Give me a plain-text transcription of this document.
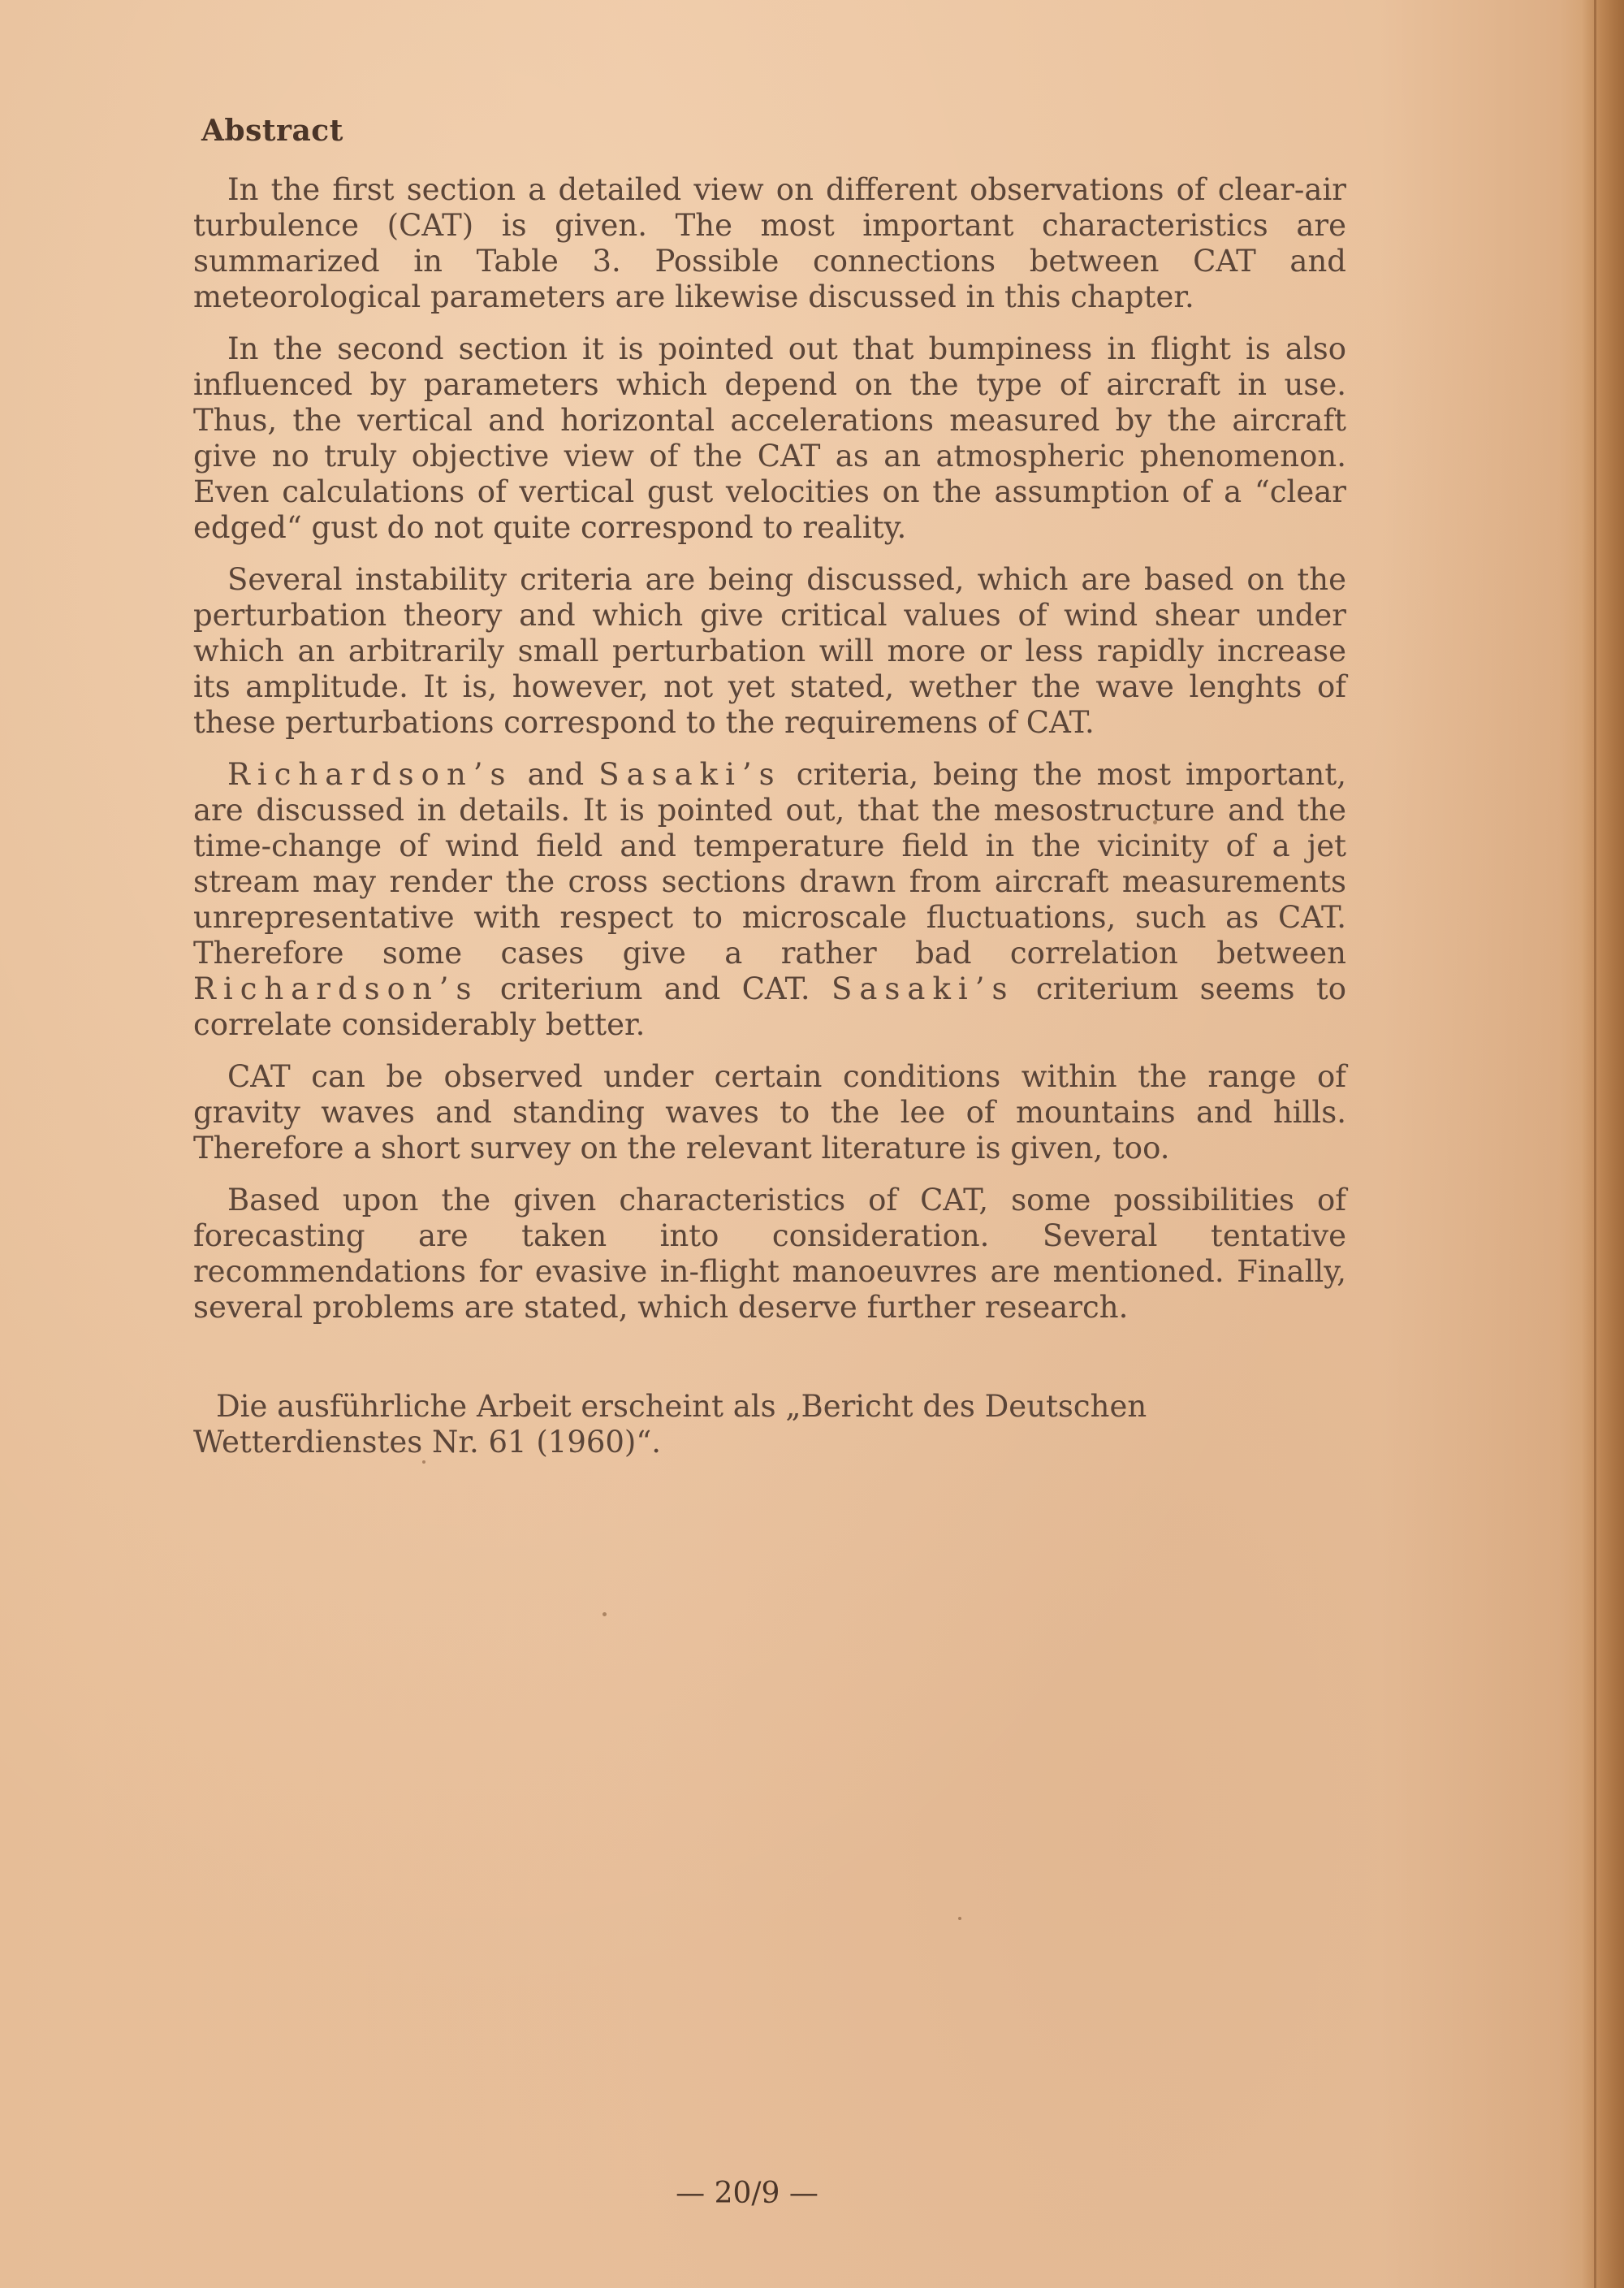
Abstract

In the first section a detailed view on different observations of clear-air turbulence (CAT) is given. The most important characteristics are summarized in Table 3. Possible connections between CAT and meteorological parameters are likewise discussed in this chapter.

In the second section it is pointed out that bumpiness in flight is also influenced by parameters which depend on the type of aircraft in use. Thus, the vertical and horizontal accelerations measured by the aircraft give no truly objective view of the CAT as an atmospheric phenomenon. Even calculations of vertical gust velocities on the assumption of a “clear edged“ gust do not quite correspond to reality.

Several instability criteria are being discussed, which are based on the perturbation theory and which give critical values of wind shear under which an arbitrarily small perturbation will more or less rapidly increase its amplitude. It is, however, not yet stated, wether the wave lenghts of these perturbations correspond to the requiremens of CAT.

Richardson’s and Sasaki’s criteria, being the most important, are discussed in details. It is pointed out, that the mesostructure and the time-change of wind field and temperature field in the vicinity of a jet stream may render the cross sections drawn from aircraft measurements unrepresentative with respect to microscale fluctuations, such as CAT. Therefore some cases give a rather bad correlation between Richardson’s criterium and CAT. Sasaki’s criterium seems to correlate considerably better.

CAT can be observed under certain conditions within the range of gravity waves and standing waves to the lee of mountains and hills. Therefore a short survey on the relevant literature is given, too.

Based upon the given characteristics of CAT, some possibilities of forecasting are taken into consideration. Several tentative recommendations for evasive in-flight manoeuvres are mentioned. Finally, several problems are stated, which deserve further research.

Die ausführliche Arbeit erscheint als „Bericht des Deutschen Wetterdienstes Nr. 61 (1960)“.

— 20/9 —
